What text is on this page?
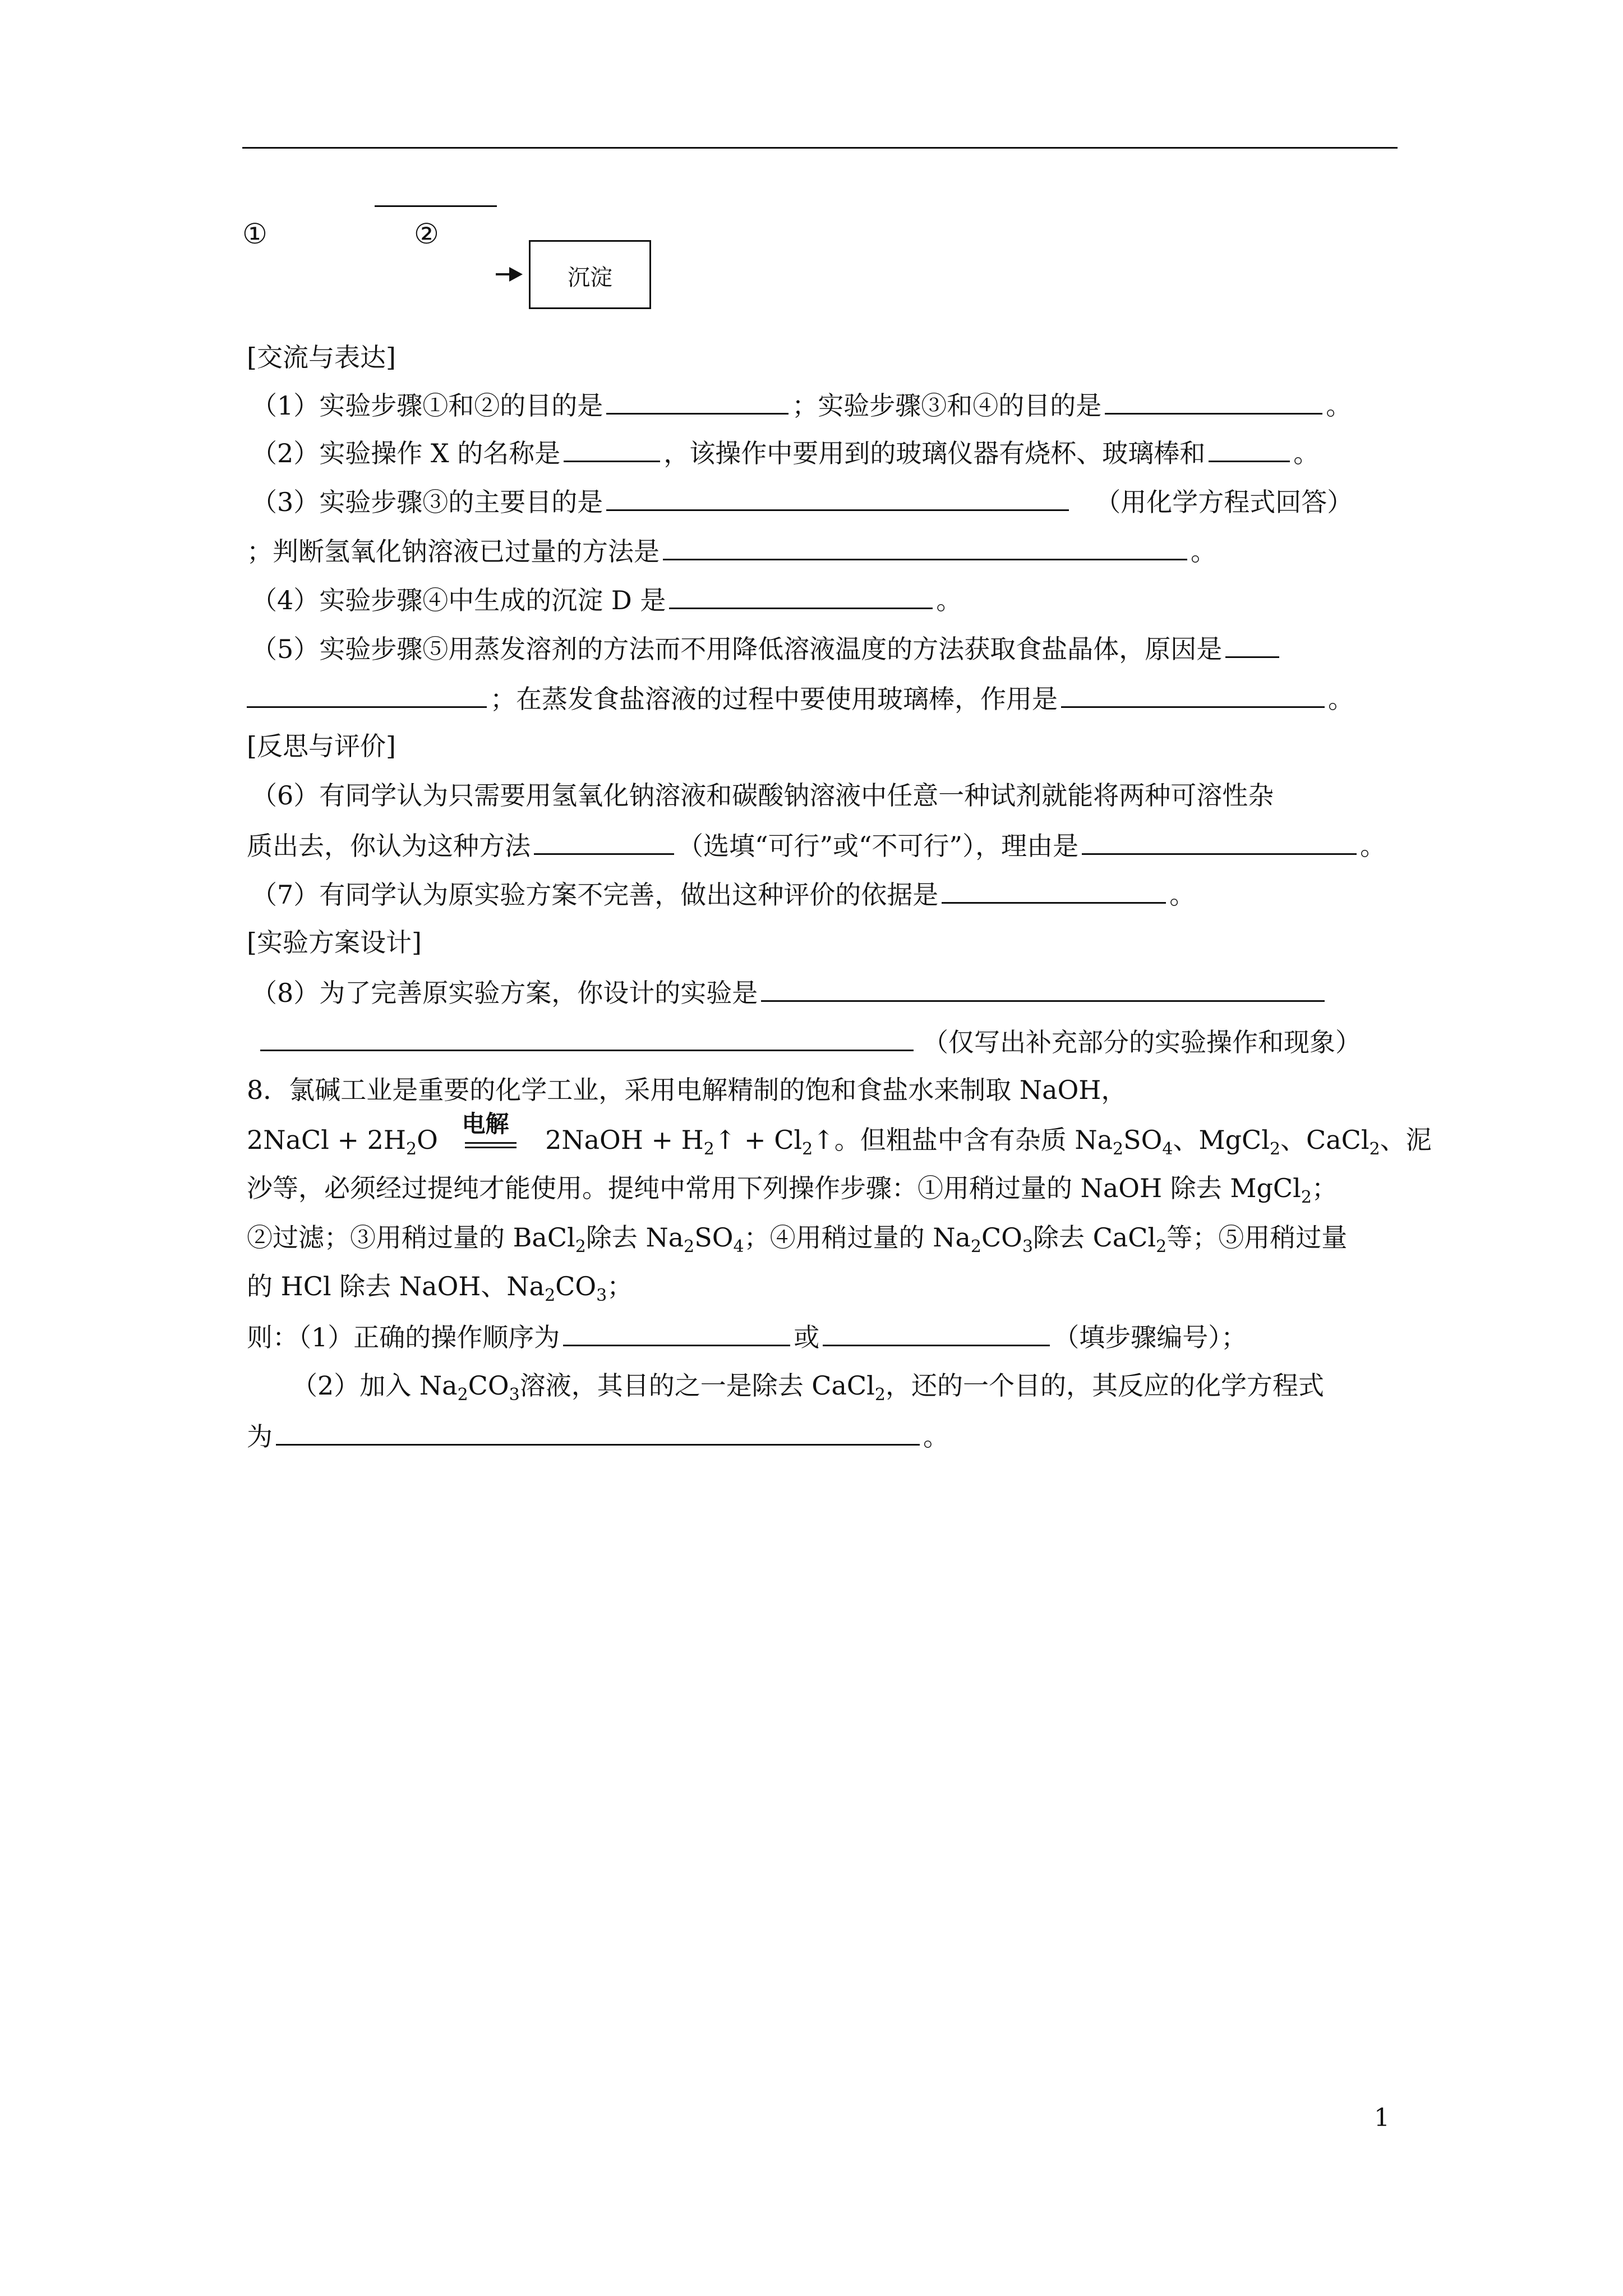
①	②
沉淀
[交流与表达]
（1）实验步骤①和②的目的是	；实验步骤③和④的目的是	。
（2）实验操作 X 的名称是	，该操作中要用到的玻璃仪器有烧杯、玻璃棒和	。
（3）实验步骤③的主要目的是	（用化学方程式回答）
；判断氢氧化钠溶液已过量的方法是	。
（4）实验步骤④中生成的沉淀 D 是	。
（5）实验步骤⑤用蒸发溶剂的方法而不用降低溶液温度的方法获取食盐晶体，原因是
；在蒸发食盐溶液的过程中要使用玻璃棒，作用是	。
[反思与评价]
（6）有同学认为只需要用氢氧化钠溶液和碳酸钠溶液中任意一种试剂就能将两种可溶性杂
质出去，你认为这种方法	（选填“可行”或“不可行”），理由是	。
（7）有同学认为原实验方案不完善，做出这种评价的依据是	。
[实验方案设计]
（8）为了完善原实验方案，你设计的实验是
（仅写出补充部分的实验操作和现象）
8．氯碱工业是重要的化学工业，采用电解精制的饱和食盐水来制取 NaOH，
2NaCl + $2H_2O$
电解
2NaOH + $H_2↑$ + $Cl_2↑$。但粗盐中含有杂质 $Na_2SO_4$、MgCl$_2$、CaCl$_2$、泥
沙等，必须经过提纯才能使用。提纯中常用下列操作步骤：①用稍过量的 NaOH 除去 MgCl$_2$；
②过滤；③用稍过量的 BaCl$_2$除去 $Na_2SO_4$；④用稍过量的 $Na_2CO_3$除去 CaCl$_2$等；⑤用稍过量
的 HCl 除去 NaOH、$Na_2CO_3$；
则：（1）正确的操作顺序为	或	（填步骤编号）；
（2）加入 $Na_2CO_3$溶液，其目的之一是除去 CaCl$_2$，还的一个目的，其反应的化学方程式
为	。
1
